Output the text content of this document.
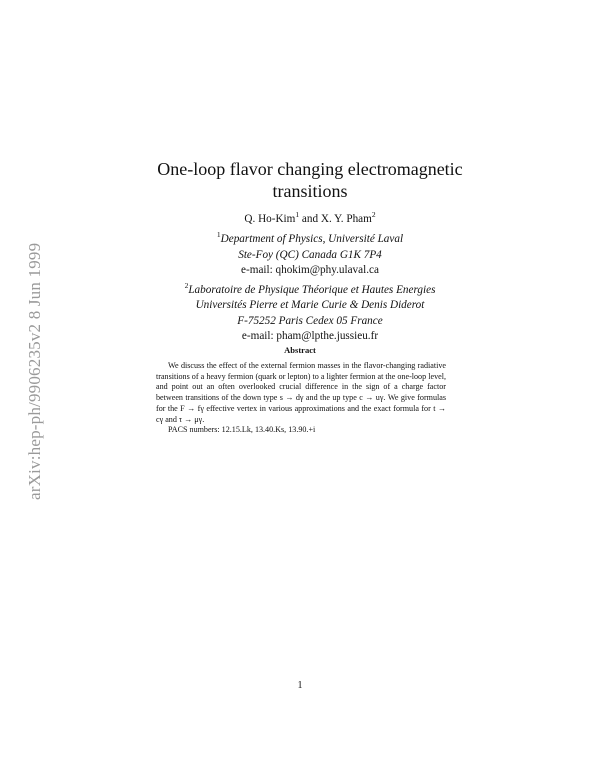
arXiv:hep-ph/9906235v2 8 Jun 1999
One-loop flavor changing electromagnetic
transitions
Q. Ho-Kim$^1$ and X. Y. Pham$^2$
$^1$Department of Physics, Université Laval
Ste-Foy (QC) Canada G1K 7P4
e-mail: qhokim@phy.ulaval.ca
$^2$Laboratoire de Physique Théorique et Hautes Energies
Universités Pierre et Marie Curie & Denis Diderot
F-75252 Paris Cedex 05 France
e-mail: pham@lpthe.jussieu.fr
Abstract

We discuss the effect of the external fermion masses in the flavor-changing radiative transitions of a heavy fermion (quark or lepton) to a lighter fermion at the one-loop level, and point out an often overlooked crucial difference in the sign of a charge factor between transitions of the down type s → dγ and the up type c → uγ. We give formulas for the F → fγ effective vertex in various approximations and the exact formula for t → cγ and τ → μγ.

PACS numbers: 12.15.Lk, 13.40.Ks, 13.90.+i

1
